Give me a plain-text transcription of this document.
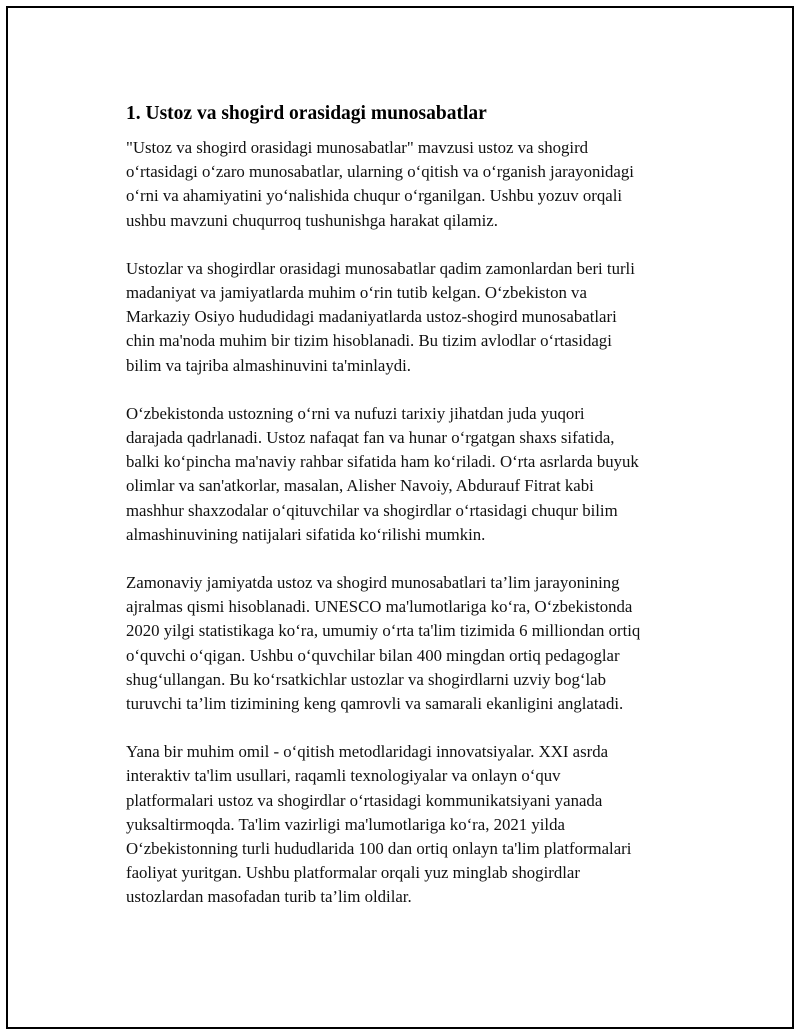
1. Ustoz va shogird orasidagi munosabatlar

"Ustoz va shogird orasidagi munosabatlar" mavzusi ustoz va shogird
o‘rtasidagi o‘zaro munosabatlar, ularning o‘qitish va o‘rganish jarayonidagi
o‘rni va ahamiyatini yo‘nalishida chuqur o‘rganilgan. Ushbu yozuv orqali
ushbu mavzuni chuqurroq tushunishga harakat qilamiz.

Ustozlar va shogirdlar orasidagi munosabatlar qadim zamonlardan beri turli
madaniyat va jamiyatlarda muhim o‘rin tutib kelgan. O‘zbekiston va
Markaziy Osiyo hududidagi madaniyatlarda ustoz-shogird munosabatlari
chin ma'noda muhim bir tizim hisoblanadi. Bu tizim avlodlar o‘rtasidagi
bilim va tajriba almashinuvini ta'minlaydi.

O‘zbekistonda ustozning o‘rni va nufuzi tarixiy jihatdan juda yuqori
darajada qadrlanadi. Ustoz nafaqat fan va hunar o‘rgatgan shaxs sifatida,
balki ko‘pincha ma'naviy rahbar sifatida ham ko‘riladi. O‘rta asrlarda buyuk
olimlar va san'atkorlar, masalan, Alisher Navoiy, Abdurauf Fitrat kabi
mashhur shaxzodalar o‘qituvchilar va shogirdlar o‘rtasidagi chuqur bilim
almashinuvining natijalari sifatida ko‘rilishi mumkin.

Zamonaviy jamiyatda ustoz va shogird munosabatlari ta’lim jarayonining
ajralmas qismi hisoblanadi. UNESCO ma'lumotlariga ko‘ra, O‘zbekistonda
2020 yilgi statistikaga ko‘ra, umumiy o‘rta ta'lim tizimida 6 milliondan ortiq
o‘quvchi o‘qigan. Ushbu o‘quvchilar bilan 400 mingdan ortiq pedagoglar
shug‘ullangan. Bu ko‘rsatkichlar ustozlar va shogirdlarni uzviy bog‘lab
turuvchi ta’lim tizimining keng qamrovli va samarali ekanligini anglatadi.

Yana bir muhim omil - o‘qitish metodlaridagi innovatsiyalar. XXI asrda
interaktiv ta'lim usullari, raqamli texnologiyalar va onlayn o‘quv
platformalari ustoz va shogirdlar o‘rtasidagi kommunikatsiyani yanada
yuksaltirmoqda. Ta'lim vazirligi ma'lumotlariga ko‘ra, 2021 yilda
O‘zbekistonning turli hududlarida 100 dan ortiq onlayn ta'lim platformalari
faoliyat yuritgan. Ushbu platformalar orqali yuz minglab shogirdlar
ustozlardan masofadan turib ta’lim oldilar.
